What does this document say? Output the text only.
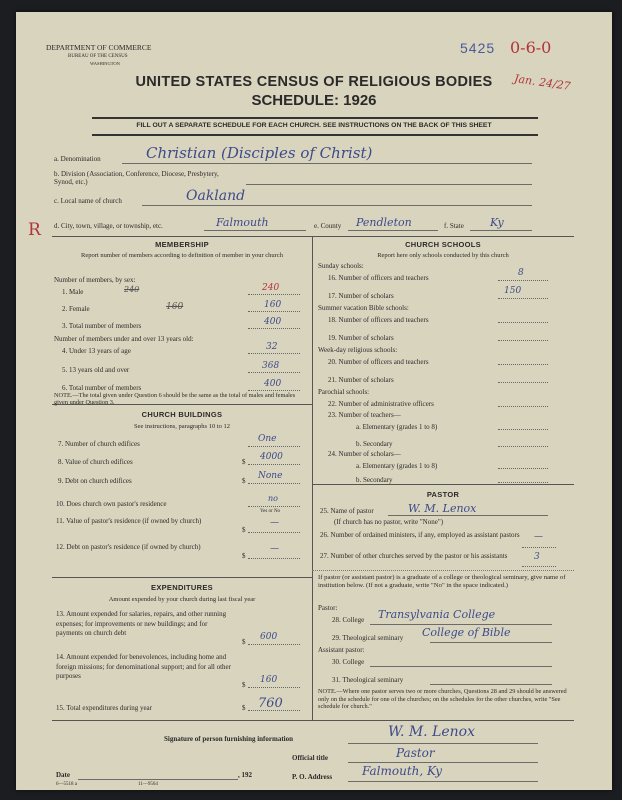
DEPARTMENT OF COMMERCE
BUREAU OF THE CENSUS
WASHINGTON
5425 0-6-0
Jan. 24/27
UNITED STATES CENSUS OF RELIGIOUS BODIES
SCHEDULE: 1926
FILL OUT A SEPARATE SCHEDULE FOR EACH CHURCH. SEE INSTRUCTIONS ON THE BACK OF THIS SHEET
R
a. Denomination	Christian (Disciples of Christ)
b. Division (Association, Conference, Diocese, Presbytery, Synod, etc.)
c. Local name of church	Oakland
d. City, town, village, or township, etc.	Falmouth	e. County Pendleton	f. State Ky
MEMBERSHIP
Report number of members according to definition of member in your church
Number of members, by sex:
1. Male	240	240
2. Female	160	160
3. Total number of members	400
Number of members under and over 13 years old:
4. Under 13 years of age	32
5. 13 years old and over	368
6. Total number of members	400
NOTE.—The total given under Question 6 should be the same as the total of males and females given under Question 3.
CHURCH BUILDINGS
See instructions, paragraphs 10 to 12
7. Number of church edifices	One
8. Value of church edifices	$ 4000
9. Debt on church edifices	$ None
10. Does church own pastor's residence
no
Yes or No
11. Value of pastor's residence (if owned by church)
$
—
12. Debt on pastor's residence (if owned by church)
$
—
EXPENDITURES
Amount expended by your church during last fiscal year
13. Amount expended for salaries, repairs, and other running expenses; for improvements or new buildings; and for payments on church debt
$ 600
14. Amount expended for benevolences, including home and foreign missions; for denominational support; and for all other purposes
$ 160
15. Total expenditures during year	$ 760
CHURCH SCHOOLS
Report here only schools conducted by this church
Sunday schools:
16. Number of officers and teachers	8
17. Number of scholars	150
Summer vacation Bible schools:
18. Number of officers and teachers
19. Number of scholars
Week-day religious schools:
20. Number of officers and teachers
21. Number of scholars
Parochial schools:
22. Number of administrative officers
23. Number of teachers—
a. Elementary (grades 1 to 8)
b. Secondary
24. Number of scholars—
a. Elementary (grades 1 to 8)
b. Secondary
PASTOR
25. Name of pastor	W. M. Lenox
(If church has no pastor, write "None")
26. Number of ordained ministers, if any, employed as assistant pastors —
27. Number of other churches served by the pastor or his assistants	3
If pastor (or assistant pastor) is a graduate of a college or theological seminary, give name of institution below. (If not a graduate, write "No" in the space indicated.)
Pastor:
28. College Transylvania College
29. Theological seminary College of Bible
Assistant pastor:
30. College
31. Theological seminary
NOTE.—Where one pastor serves two or more churches, Questions 28 and 29 should be answered only on the schedule for one of the churches; on the schedules for the other churches, write "See schedule for church."
Signature of person furnishing information	W. M. Lenox
Official title	Pastor
Date	, 192	P. O. Address Falmouth, Ky
6—5518 a	11—9564
